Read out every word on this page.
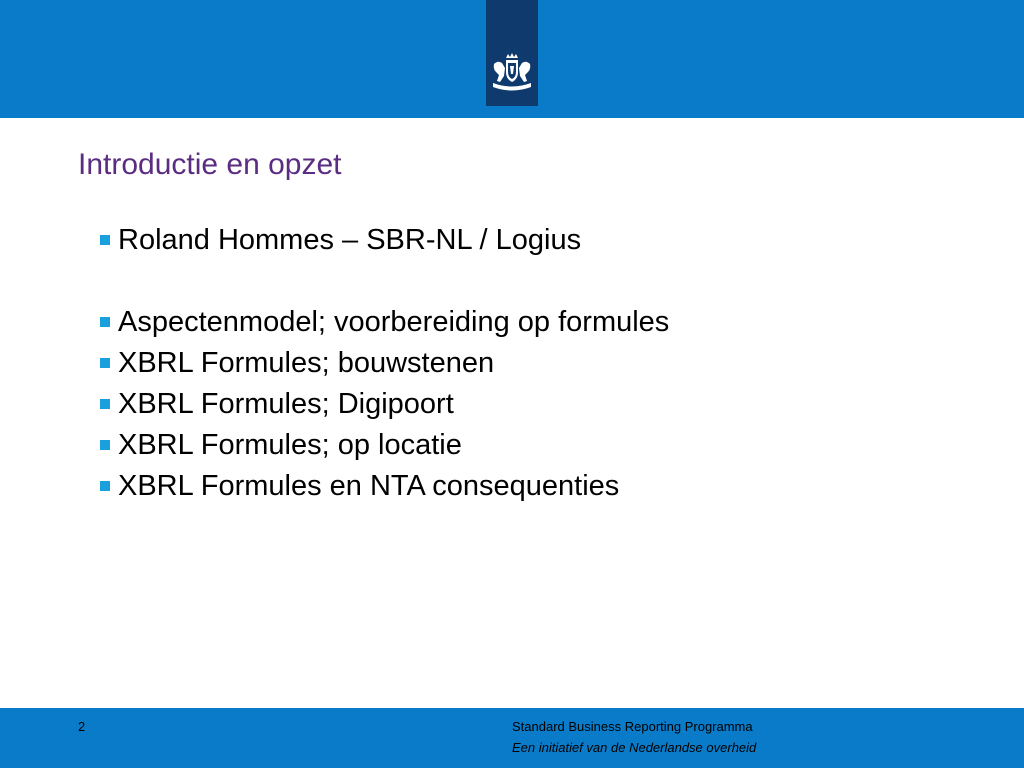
Introductie en opzet
Roland Hommes – SBR-NL / Logius
Aspectenmodel; voorbereiding op formules
XBRL Formules; bouwstenen
XBRL Formules; Digipoort
XBRL Formules; op locatie
XBRL Formules en NTA consequenties
2	Standard Business Reporting Programma
Een initiatief van de Nederlandse overheid
